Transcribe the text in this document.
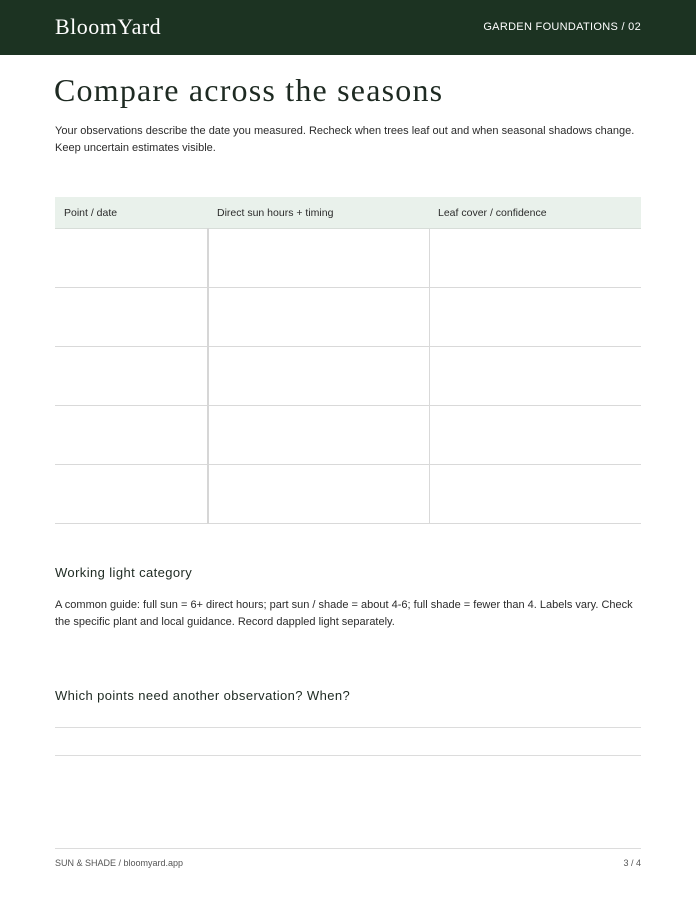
BloomYard	GARDEN FOUNDATIONS / 02
Compare across the seasons

Your observations describe the date you measured. Recheck when trees leaf out and when seasonal shadows change. Keep uncertain estimates visible.

Point / date	Direct sun hours + timing	Leaf cover / confidence

Working light category

A common guide: full sun = 6+ direct hours; part sun / shade = about 4-6; full shade = fewer than 4. Labels vary. Check the specific plant and local guidance. Record dappled light separately.

Which points need another observation? When?
SUN & SHADE / bloomyard.app	3 / 4
